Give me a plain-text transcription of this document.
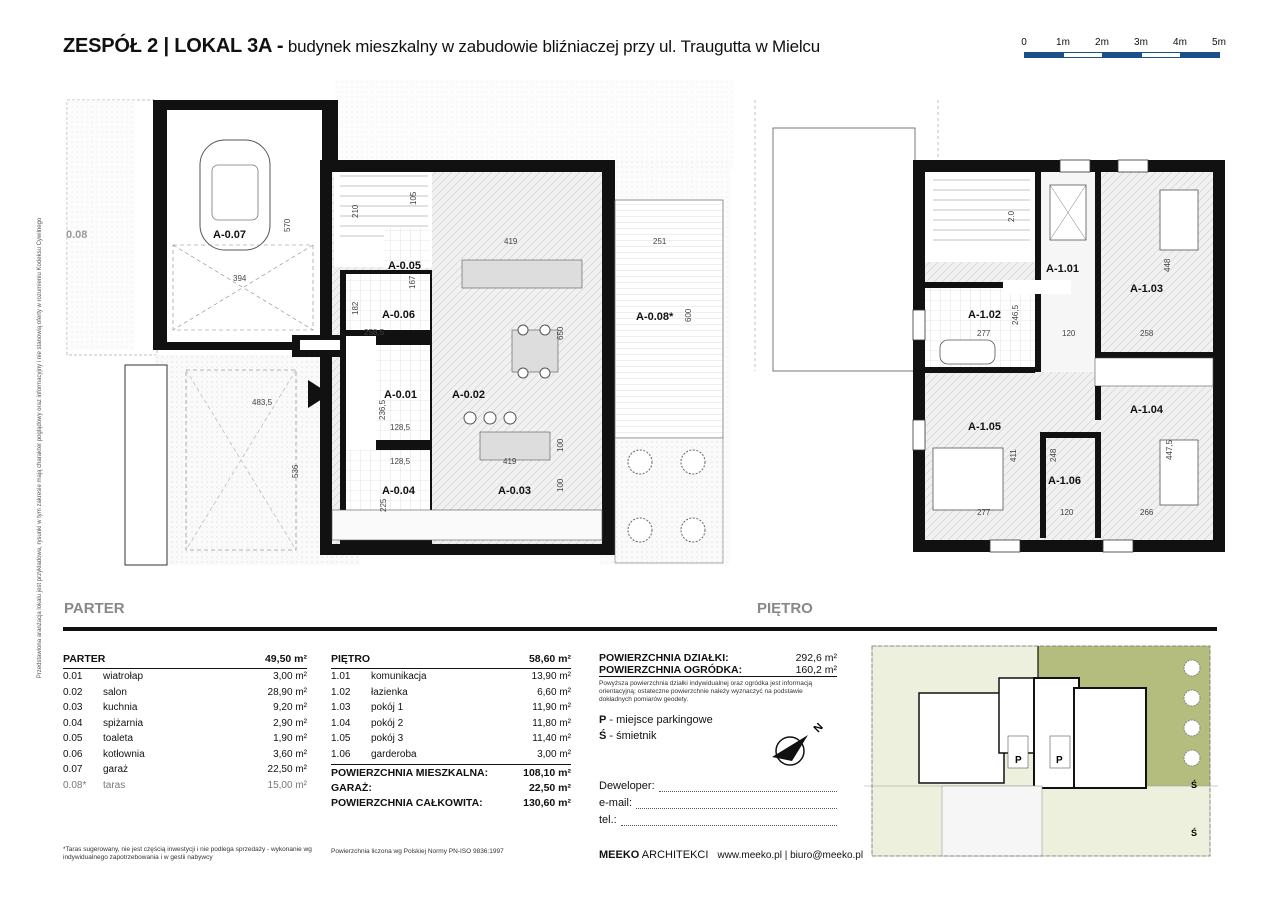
ZESPÓŁ 2 | LOKAL 3A - budynek mieszkalny w zabudowie bliźniaczej przy ul. Traugutta w Mielcu	0	1m	2m	3m	4m	5m
Przedstawiona aranżacja lokalu jest przykładowa, rysunki w tym zakresie mają charakter poglądowy oraz informacyjny i nie stanowią oferty w rozumieniu Kodeksu Cywilnego	A-0.07
A-0.05
A-0.06
A-0.01	A-0.02
A-0.03
A-0.04
A-0.08*
0.08
570
394
419	251
182
258,5	650
600
483,5	236,5
128,5
128,5	419
100
100
536
225
210
167
105
A-1.01
A-1.02
A-1.03
A-1.04
A-1.05
A-1.06
2.0
448
246,5
277	120	258
411	248	447,5
277	120	266
PARTER	PIĘTRO
PARTER		49,50 m²
0.01	wiatrołap	3,00 m²
0.02	salon	28,90 m²
0.03	kuchnia	9,20 m²
0.04	spiżarnia	2,90 m²
0.05	toaleta	1,90 m²
0.06	kotłownia	3,60 m²
0.07	garaż	22,50 m²
0.08*	taras	15,00 m²
*Taras sugerowany, nie jest częścią inwestycji i nie podlega sprzedaży - wykonanie wg indywidualnego zapotrzebowania i w gestii nabywcy
PIĘTRO		58,60 m²
1.01	komunikacja	13,90 m²
1.02	łazienka	6,60 m²
1.03	pokój 1	11,90 m²
1.04	pokój 2	11,80 m²
1.05	pokój 3	11,40 m²
1.06	garderoba	3,00 m²
POWIERZCHNIA MIESZKALNA:	108,10 m²
GARAŻ:	22,50 m²
POWIERZCHNIA CAŁKOWITA:	130,60 m²
Powierzchnia liczona wg Polskiej Normy PN-ISO 9836:1997
POWIERZCHNIA DZIAŁKI:	292,6 m²
POWIERZCHNIA OGRÓDKA:	160,2 m²
Powyższa powierzchnia działki indywidualnej oraz ogródka jest informacją orientacyjną; ostateczne powierzchnie należy wyznaczyć na podstawie dokładnych pomiarów geodety.
P - miejsce parkingowe
Ś - śmietnik
N
Deweloper:
e-mail:
tel.:
MEEKO ARCHITEKCI www.meeko.pl | biuro@meeko.pl
P	P
Ś
Ś
